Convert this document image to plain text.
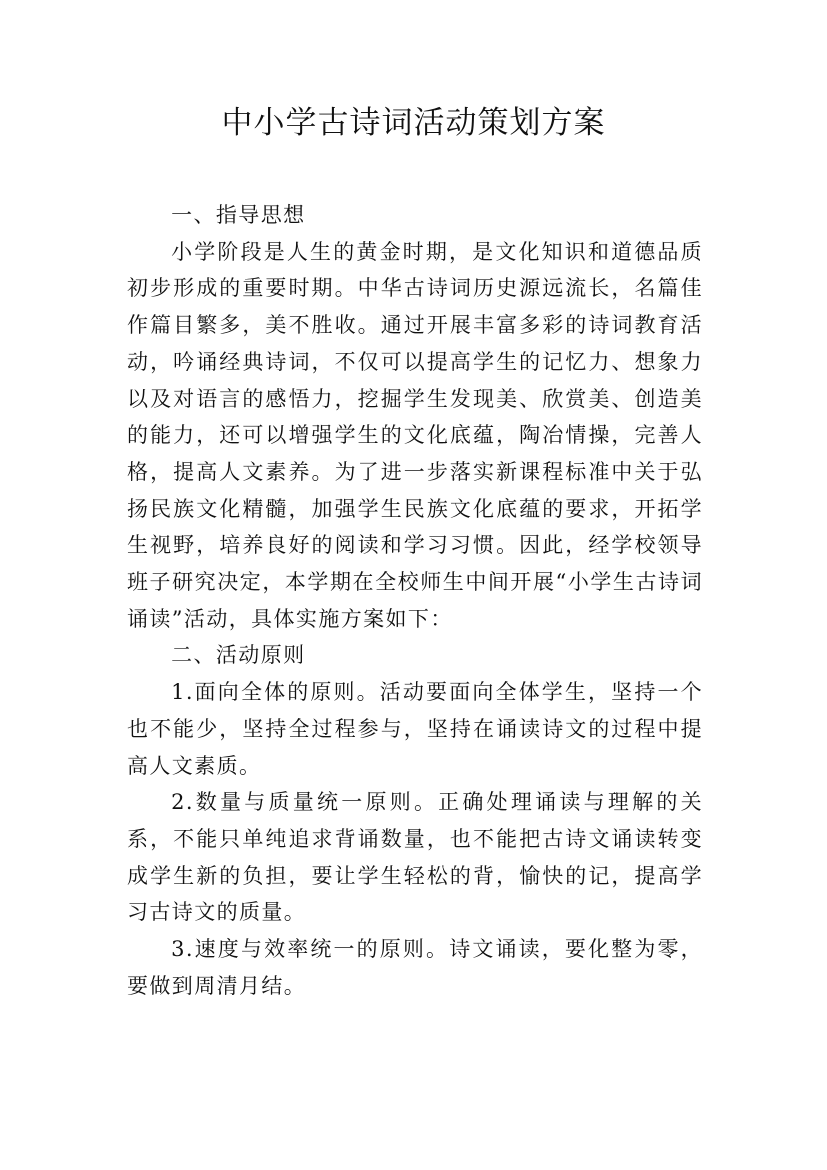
中小学古诗词活动策划方案

一、指导思想

小学阶段是人生的黄金时期，是文化知识和道德品质初步形成的重要时期。中华古诗词历史源远流长，名篇佳作篇目繁多，美不胜收。通过开展丰富多彩的诗词教育活动，吟诵经典诗词，不仅可以提高学生的记忆力、想象力以及对语言的感悟力，挖掘学生发现美、欣赏美、创造美的能力，还可以增强学生的文化底蕴，陶冶情操，完善人格，提高人文素养。为了进一步落实新课程标准中关于弘扬民族文化精髓，加强学生民族文化底蕴的要求，开拓学生视野，培养良好的阅读和学习习惯。因此，经学校领导班子研究决定，本学期在全校师生中间开展“小学生古诗词诵读”活动，具体实施方案如下：

二、活动原则

1.面向全体的原则。活动要面向全体学生，坚持一个也不能少，坚持全过程参与，坚持在诵读诗文的过程中提高人文素质。

2.数量与质量统一原则。正确处理诵读与理解的关系，不能只单纯追求背诵数量，也不能把古诗文诵读转变成学生新的负担，要让学生轻松的背，愉快的记，提高学习古诗文的质量。

3.速度与效率统一的原则。诗文诵读，要化整为零，要做到周清月结。
